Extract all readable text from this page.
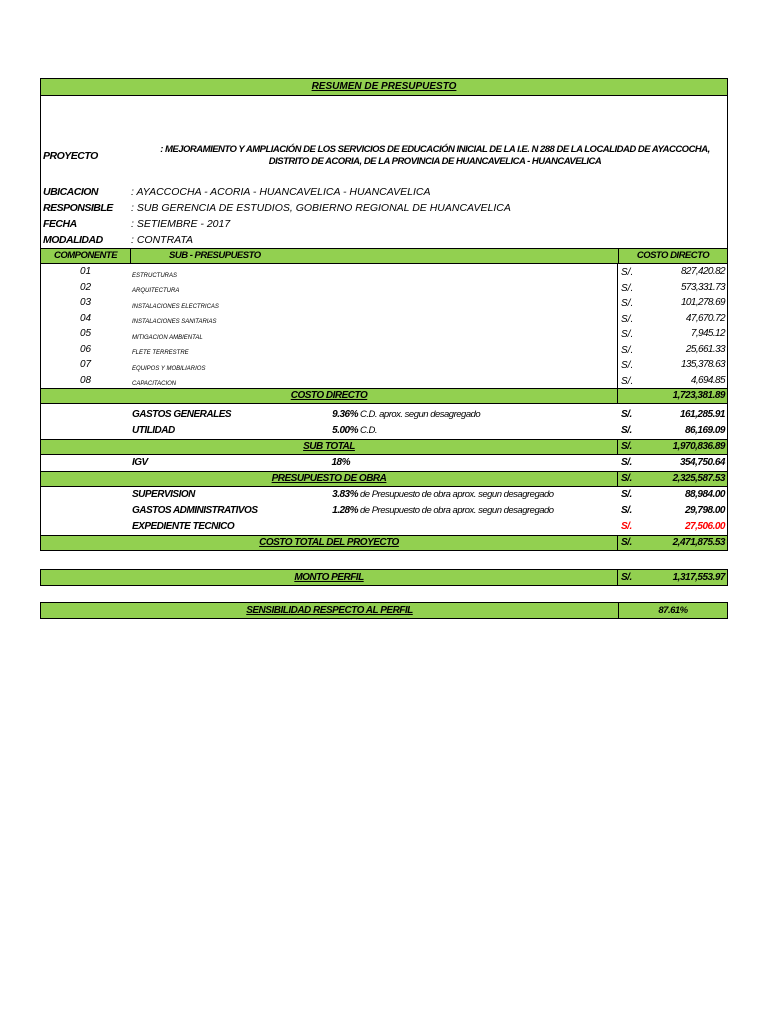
RESUMEN DE PRESUPUESTO
PROYECTO
: MEJORAMIENTO Y AMPLIACIÓN DE LOS SERVICIOS DE EDUCACIÓN INICIAL DE LA I.E. N 288 DE LA LOCALIDAD DE AYACCOCHA,
DISTRITO DE ACORIA, DE LA PROVINCIA DE HUANCAVELICA - HUANCAVELICA
UBICACION	: AYACCOCHA - ACORIA - HUANCAVELICA - HUANCAVELICA
RESPONSIBLE : SUB GERENCIA DE ESTUDIOS, GOBIERNO REGIONAL DE HUANCAVELICA
FECHA	: SETIEMBRE - 2017
MODALIDAD	: CONTRATA
COMPONENTE	SUB - PRESUPUESTO	COSTO DIRECTO
01	ESTRUCTURAS	S/.	827,420.82
02	ARQUITECTURA	S/.	573,331.73
03	INSTALACIONES ELECTRICAS	S/.	101,278.69
04	INSTALACIONES SANITARIAS	S/.	47,670.72
05	MITIGACION AMBIENTAL	S/.	7,945.12
06	FLETE TERRESTRE	S/.	25,661.33
07	EQUIPOS Y MOBILIARIOS	S/.	135,378.63
08	CAPACITACION	S/.	4,694.85
COSTO DIRECTO	1,723,381.89
GASTOS GENERALES	9.36% C.D. aprox. segun desagregado	S/.	161,285.91
UTILIDAD	5.00% C.D.	S/.	86,169.09
SUB TOTAL	S/.	1,970,836.89
IGV	18%	S/.	354,750.64
PRESUPUESTO DE OBRA	S/.	2,325,587.53
SUPERVISION	3.83% de Presupuesto de obra aprox. segun desagregado	S/.	88,984.00
GASTOS ADMINISTRATIVOS	1.28% de Presupuesto de obra aprox. segun desagregado	S/.	29,798.00
EXPEDIENTE TECNICO	S/.	27,506.00
COSTO TOTAL DEL PROYECTO	S/.	2,471,875.53
MONTO PERFIL	S/.	1,317,553.97
SENSIBILIDAD RESPECTO AL PERFIL	87.61%
